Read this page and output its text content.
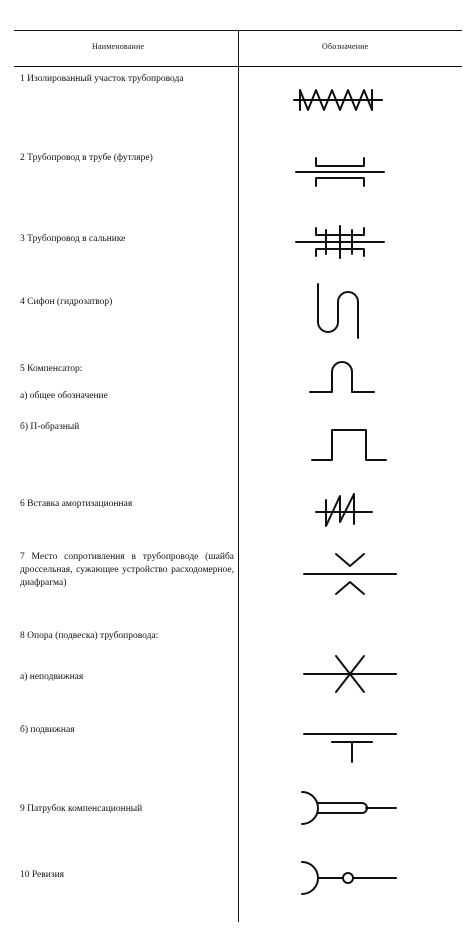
Наименование	Обозначение
1 Изолированный участок трубопровода
2 Трубопровод в трубе (футляре)
3 Трубопровод в сальнике
4 Сифон (гидрозатвор)
5 Компенсатор:
а) общее обозначение
б) П-образный
6 Вставка амортизационная
7 Место сопротивления в трубопроводе (шайба дроссельная, сужающее устройство расходомерное, диафрагма)
8 Опора (подвеска) трубопровода:
а) неподвижная
б) подвижная
9 Патрубок компенсационный
10 Ревизия
